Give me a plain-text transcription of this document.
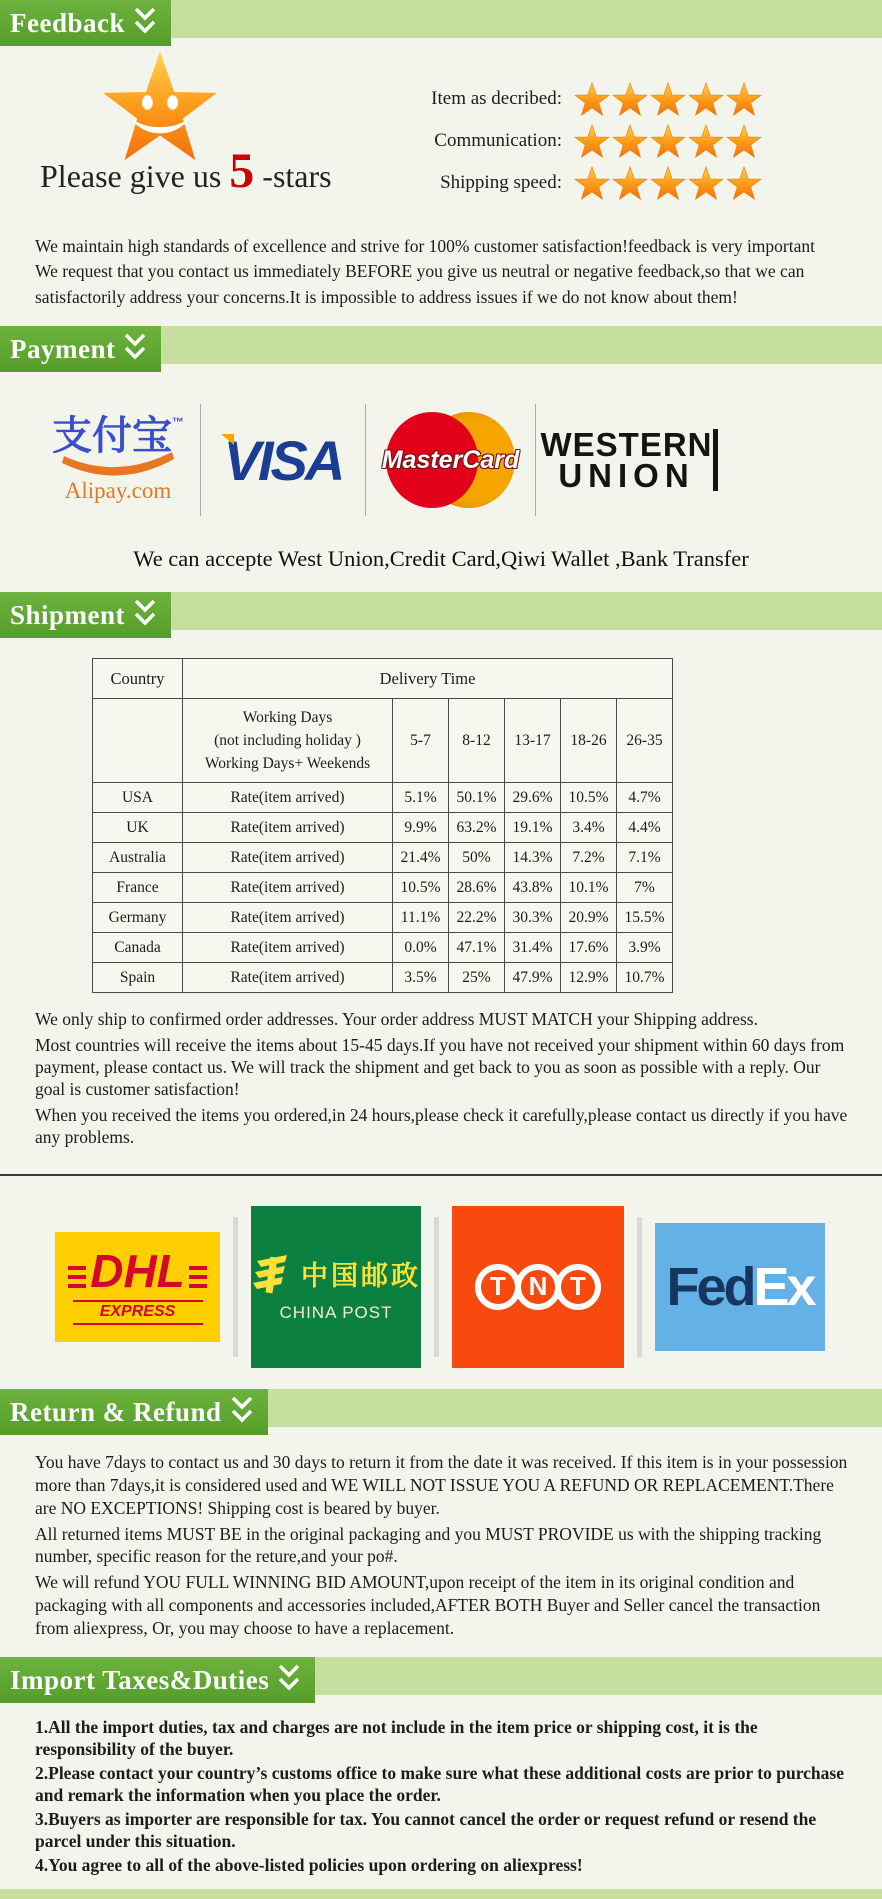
Feedback
Please give us 5 -stars
Item as decribed:
Communication:
Shipping speed:
We maintain high standards of excellence and strive for 100% customer satisfaction!feedback is very important
We request that you contact us immediately BEFORE you give us neutral or negative feedback,so that we can
satisfactorily address your concerns.It is impossible to address issues if we do not know about them!
Payment
支付宝™
Alipay.com VISA MasterCard WESTERN
UNION
We can accepte West Union,Credit Card,Qiwi Wallet ,Bank Transfer
Shipment
Country	Delivery Time					

	Working Days
(not including holiday )
Working Days+ Weekends	5-7	8-12	13-17	18-26	26-35
USA	Rate(item arrived)	5.1%	50.1%	29.6%	10.5%	4.7%
UK	Rate(item arrived)	9.9%	63.2%	19.1%	3.4%	4.4%
Australia	Rate(item arrived)	21.4%	50%	14.3%	7.2%	7.1%
France	Rate(item arrived)	10.5%	28.6%	43.8%	10.1%	7%
Germany	Rate(item arrived)	11.1%	22.2%	30.3%	20.9%	15.5%
Canada	Rate(item arrived)	0.0%	47.1%	31.4%	17.6%	3.9%
Spain	Rate(item arrived)	3.5%	25%	47.9%	12.9%	10.7%

We only ship to confirmed order addresses. Your order address MUST MATCH your Shipping address.

Most countries will receive the items about 15-45 days.If you have not received your shipment within 60 days from payment, please contact us. We will track the shipment and get back to you as soon as possible with a reply. Our goal is customer satisfaction!

When you received the items you ordered,in 24 hours,please check it carefully,please contact us directly if you have any problems.

DHL
EXPRESS
中国邮政
CHINA POST
T N T Fed Ex
Return & Refund

You have 7days to contact us and 30 days to return it from the date it was received. If this item is in your possession more than 7days,it is considered used and WE WILL NOT ISSUE YOU A REFUND OR REPLACEMENT.There are NO EXCEPTIONS! Shipping cost is beared by buyer.

All returned items MUST BE in the original packaging and you MUST PROVIDE us with the shipping tracking number, specific reason for the reture,and your po#.

We will refund YOU FULL WINNING BID AMOUNT,upon receipt of the item in its original condition and packaging with all components and accessories included,AFTER BOTH Buyer and Seller cancel the transaction from aliexpress, Or, you may choose to have a replacement.

Import Taxes&Duties

1.All the import duties, tax and charges are not include in the item price or shipping cost, it is the responsibility of the buyer.

2.Please contact your country’s customs office to make sure what these additional costs are prior to purchase and remark the information when you place the order.

3.Buyers as importer are responsible for tax. You cannot cancel the order or request refund or resend the parcel under this situation.

4.You agree to all of the above-listed policies upon ordering on aliexpress!
